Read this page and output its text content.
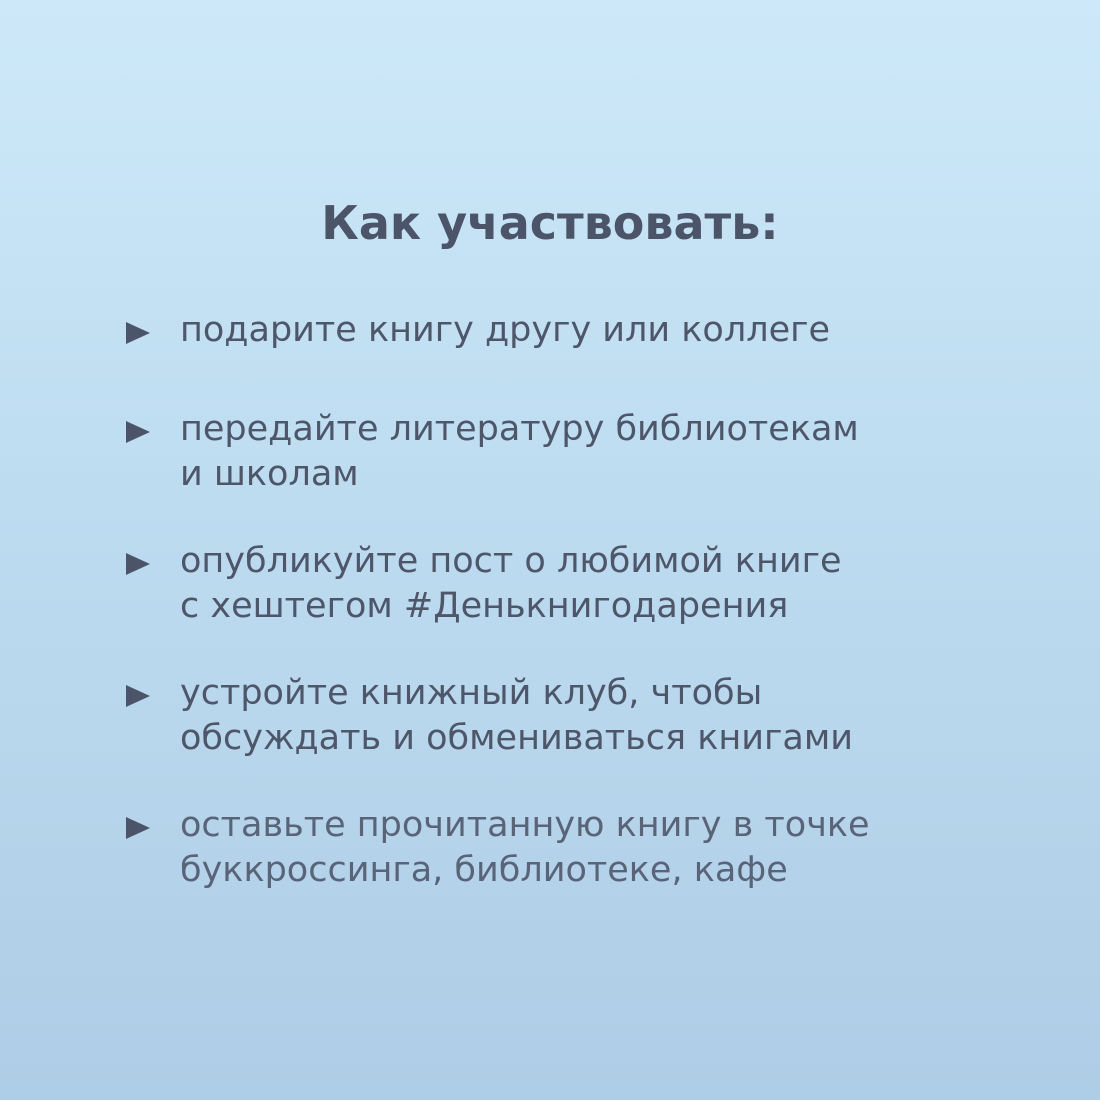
Как участвовать:
подарите книгу другу или коллеге
передайте литературу библиотекам
и школам
опубликуйте пост о любимой книге
с хештегом #Денькнигодарения
устройте книжный клуб, чтобы
обсуждать и обмениваться книгами
оставьте прочитанную книгу в точке
буккроссинга, библиотеке, кафе
